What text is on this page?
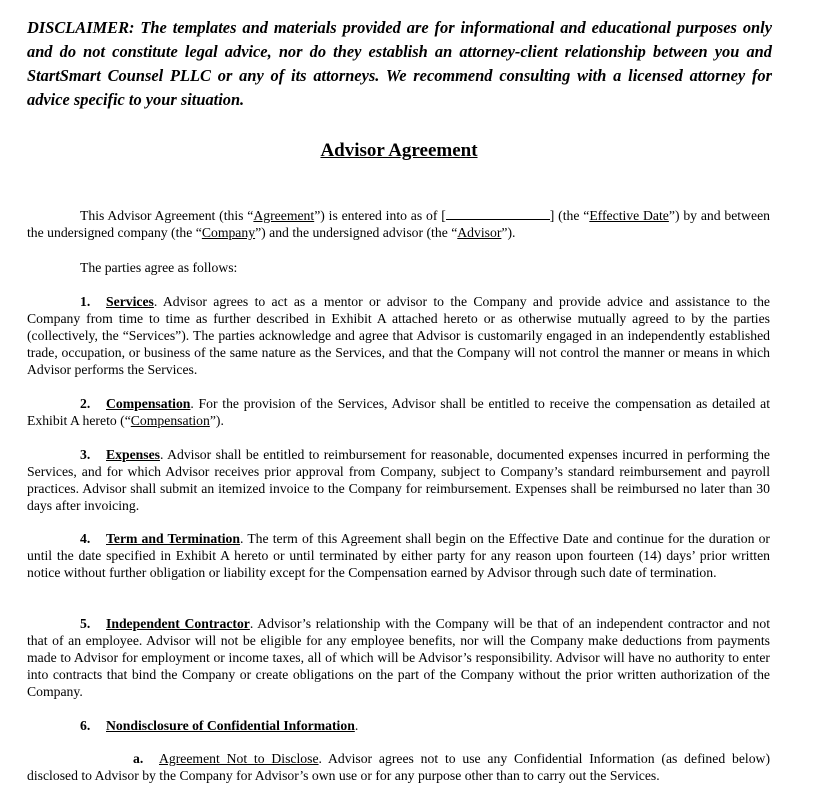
DISCLAIMER: The templates and materials provided are for informational and educational purposes only and do not constitute legal advice, nor do they establish an attorney-client relationship between you and StartSmart Counsel PLLC or any of its attorneys. We recommend consulting with a licensed attorney for advice specific to your situation.
Advisor Agreement
This Advisor Agreement (this “Agreement”) is entered into as of [	] (the “Effective Date”) by and between the undersigned company (the “Company”) and the undersigned advisor (the “Advisor”).
The parties agree as follows:
1. Services. Advisor agrees to act as a mentor or advisor to the Company and provide advice and assistance to the Company from time to time as further described in Exhibit A attached hereto or as otherwise mutually agreed to by the parties (collectively, the “Services”). The parties acknowledge and agree that Advisor is customarily engaged in an independently established trade, occupation, or business of the same nature as the Services, and that the Company will not control the manner or means in which Advisor performs the Services.
2. Compensation. For the provision of the Services, Advisor shall be entitled to receive the compensation as detailed at Exhibit A hereto (“Compensation”).
3. Expenses. Advisor shall be entitled to reimbursement for reasonable, documented expenses incurred in performing the Services, and for which Advisor receives prior approval from Company, subject to Company’s standard reimbursement and payroll practices. Advisor shall submit an itemized invoice to the Company for reimbursement. Expenses shall be reimbursed no later than 30 days after invoicing.
4. Term and Termination. The term of this Agreement shall begin on the Effective Date and continue for the duration or until the date specified in Exhibit A hereto or until terminated by either party for any reason upon fourteen (14) days’ prior written notice without further obligation or liability except for the Compensation earned by Advisor through such date of termination.
5. Independent Contractor. Advisor’s relationship with the Company will be that of an independent contractor and not that of an employee. Advisor will not be eligible for any employee benefits, nor will the Company make deductions from payments made to Advisor for employment or income taxes, all of which will be Advisor’s responsibility. Advisor will have no authority to enter into contracts that bind the Company or create obligations on the part of the Company without the prior written authorization of the Company.
6. Nondisclosure of Confidential Information.
a. Agreement Not to Disclose. Advisor agrees not to use any Confidential Information (as defined below) disclosed to Advisor by the Company for Advisor’s own use or for any purpose other than to carry out the Services.
